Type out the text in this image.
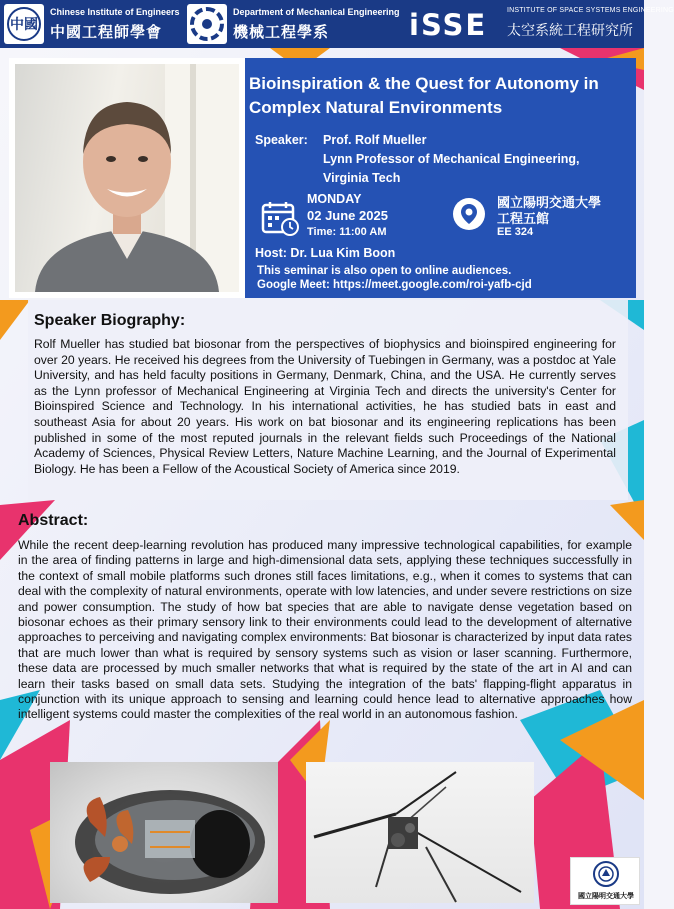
中國
Chinese Institute of Engineers
中國工程師學會
Department of Mechanical Engineering
機械工程學系	iSSE	INSTITUTE OF SPACE SYSTEMS ENGINEERING
太空系統工程研究所
Bioinspiration & the Quest for Autonomy in Complex Natural Environments
Speaker: Prof. Rolf Mueller
Lynn Professor of Mechanical Engineering,
Virginia Tech
MONDAY
02 June 2025
Time: 11:00 AM
國立陽明交通大學
工程五館
EE 324
Host: Dr. Lua Kim Boon
This seminar is also open to online audiences.
Google Meet: https://meet.google.com/roi-yafb-cjd
Speaker Biography:
Rolf Mueller has studied bat biosonar from the perspectives of biophysics and bioinspired engineering for over 20 years. He received his degrees from the University of Tuebingen in Germany, was a postdoc at Yale University, and has held faculty positions in Germany, Denmark, China, and the USA. He currently serves as the Lynn professor of Mechanical Engineering at Virginia Tech and directs the university's Center for Bioinspired Science and Technology. In his international activities, he has studied bats in east and southeast Asia for about 20 years. His work on bat biosonar and its engineering replications has been published in some of the most reputed journals in the relevant fields such Proceedings of the National Academy of Sciences, Physical Review Letters, Nature Machine Learning, and the Journal of Experimental Biology. He has been a Fellow of the Acoustical Society of America since 2019.
Abstract:
While the recent deep-learning revolution has produced many impressive technological capabilities, for example in the area of finding patterns in large and high-dimensional data sets, applying these techniques successfully in the context of small mobile platforms such drones still faces limitations, e.g., when it comes to systems that can deal with the complexity of natural environments, operate with low latencies, and under severe restrictions on size and power consumption. The study of how bat species that are able to navigate dense vegetation based on biosonar echoes as their primary sensory link to their environments could lead to the development of alternative approaches to perceiving and navigating complex environments: Bat biosonar is characterized by input data rates that are much lower than what is required by sensory systems such as vision or laser scanning. Furthermore, these data are processed by much smaller networks that what is required by the state of the art in AI and can learn their tasks based on small data sets. Studying the integration of the bats' flapping-flight apparatus in conjunction with its unique approach to sensing and learning could hence lead to alternative approaches how intelligent systems could master the complexities of the real world in an autonomous fashion.
國立陽明交通大學
